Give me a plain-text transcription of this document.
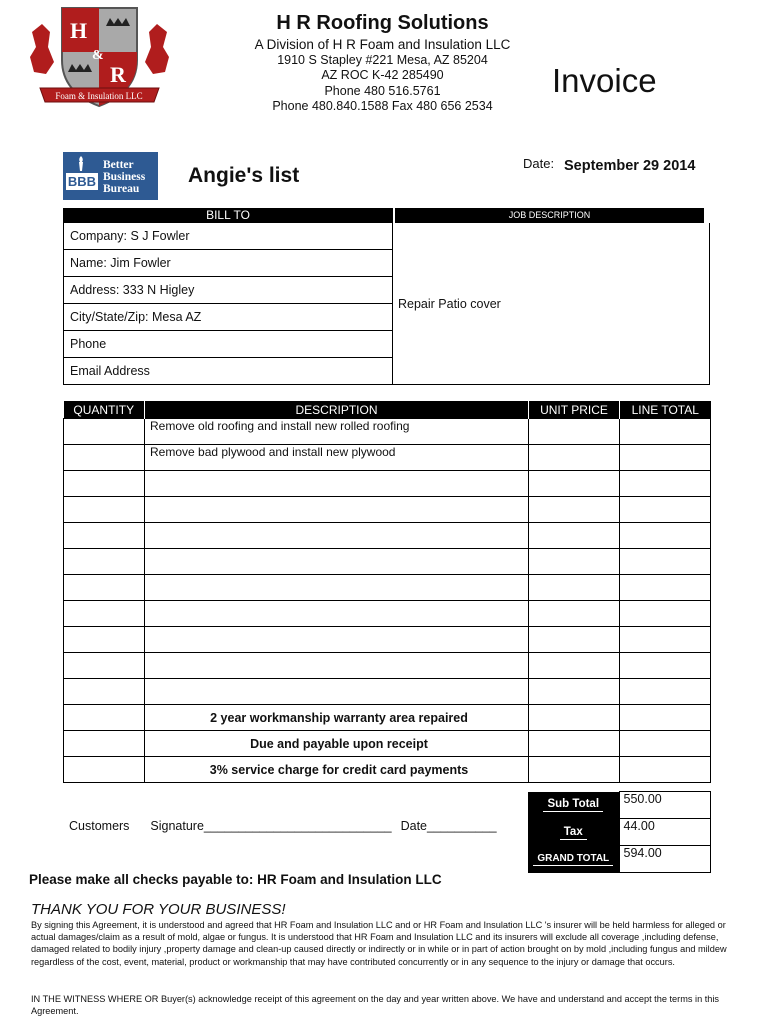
H
&
R
Foam & Insulation LLC
H R Roofing Solutions
A Division of H R Foam and Insulation LLC
1910 S Stapley #221 Mesa, AZ 85204
AZ ROC K-42 285490
Phone 480 516.5761
Phone 480.840.1588 Fax 480 656 2534
Invoice
BBB
Better
Business
Bureau
Angie's list
Date: September 29 2014
BILL TO	JOB DESCRIPTION
Company: S J Fowler
Name: Jim Fowler
Address: 333 N Higley
City/State/Zip: Mesa AZ
Phone
Email Address
Repair Patio cover
QUANTITY	DESCRIPTION	UNIT PRICE	LINE TOTAL
	Remove old roofing and install new rolled roofing		
	Remove bad plywood and install new plywood		

	2 year workmanship warranty area repaired		
	Due and payable upon receipt		
	3% service charge for credit card payments		
Sub Total	550.00
Tax	44.00
GRAND TOTAL	594.00
Customers Signature___________________________ Date__________
Please make all checks payable to: HR Foam and Insulation LLC
THANK YOU FOR YOUR BUSINESS!
By signing this Agreement, it is understood and agreed that HR Foam and Insulation LLC and or HR Foam and Insulation LLC 's insurer will be held harmless for alleged or actual damages/claim as a result of mold, algae or fungus. It is understood that HR Foam and Insulation LLC and its insurers will exclude all coverage ,including defense, damaged related to bodily injury ,property damage and clean-up caused directly or indirectly or in while or in part of action brought on by mold ,including fungus and mildew regardless of the cost, event, material, product or workmanship that may have contributed concurrently or in any sequence to the injury or damage that occurs.
IN THE WITNESS WHERE OR Buyer(s) acknowledge receipt of this agreement on the day and year written above. We have and understand and accept the terms in this Agreement.
